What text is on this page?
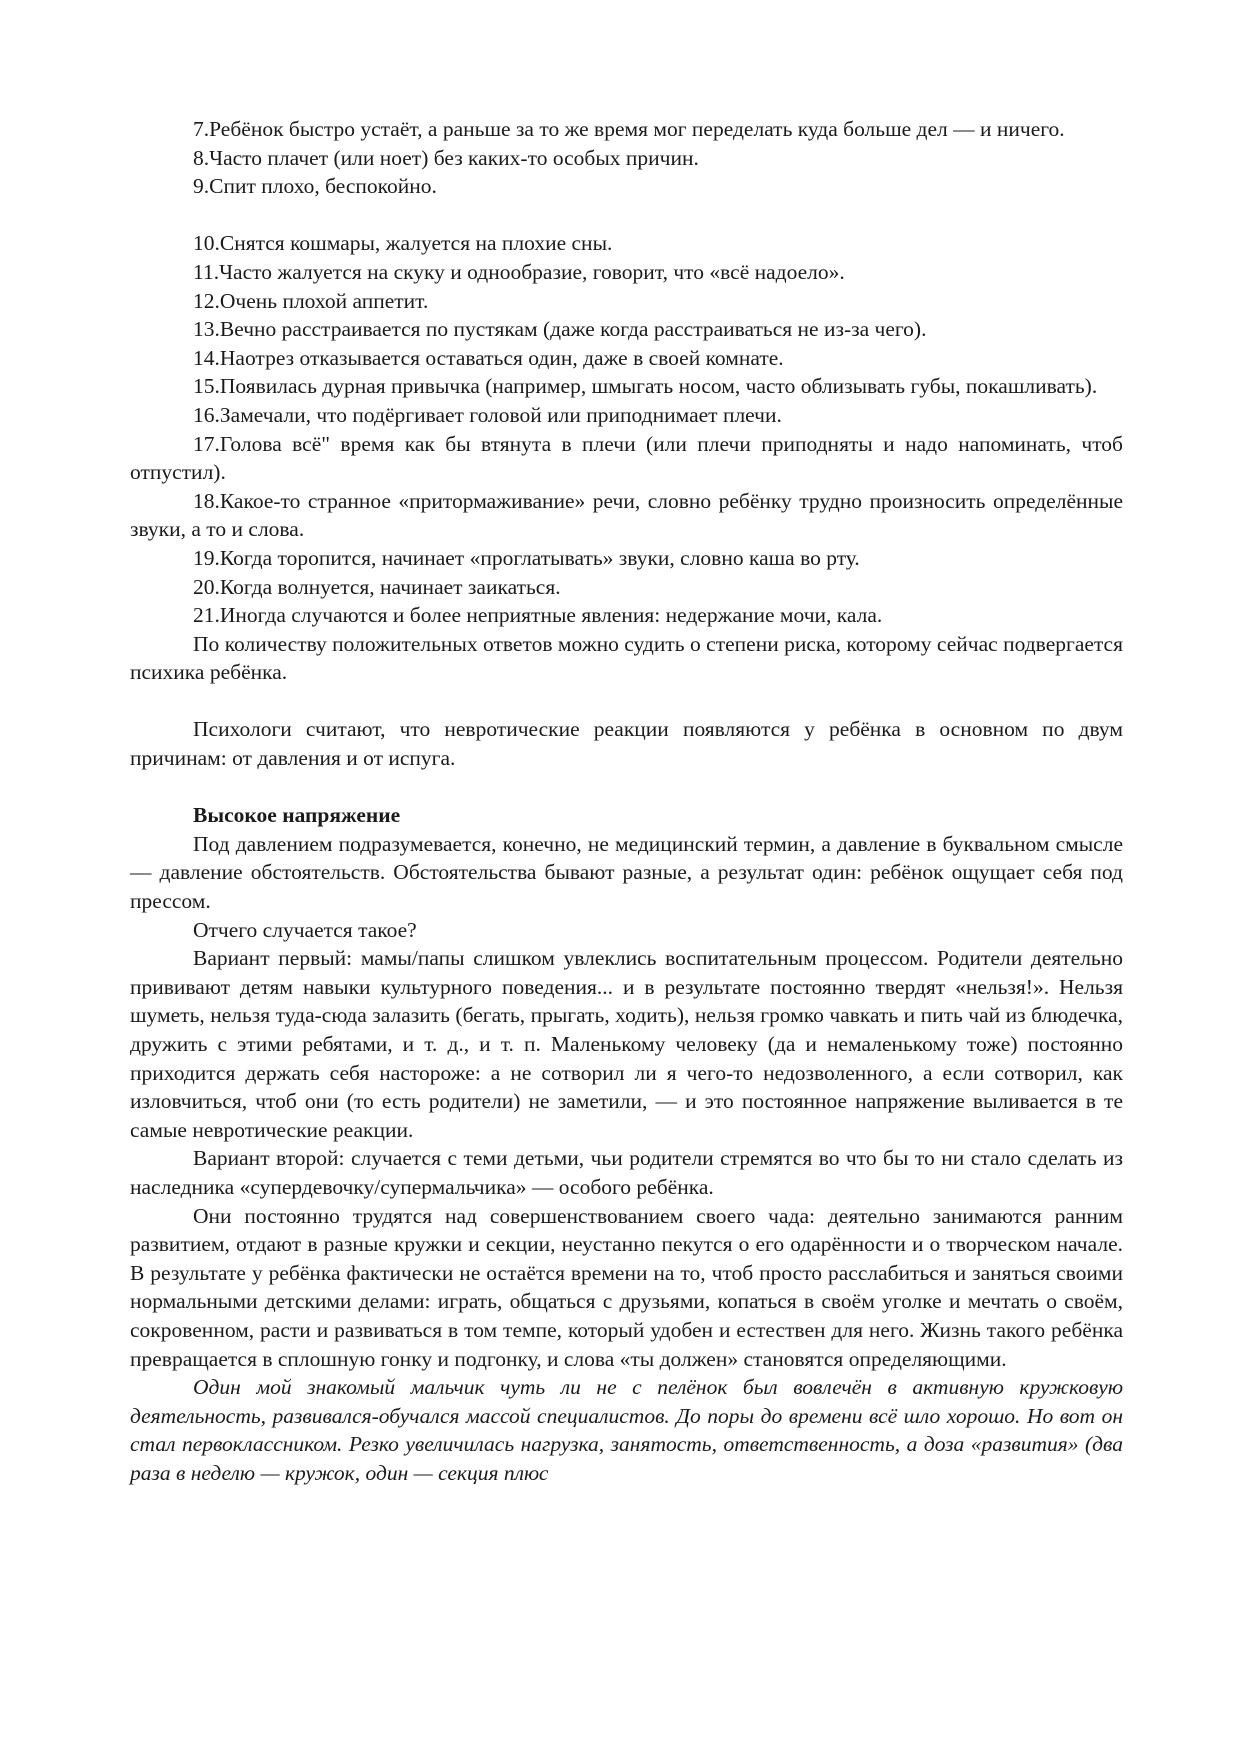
7.Ребёнок быстро устаёт, а раньше за то же время мог переделать куда больше дел — и ничего.

8.Часто плачет (или ноет) без каких-то особых причин.

9.Спит плохо, беспокойно.

10.Снятся кошмары, жалуется на плохие сны.

11.Часто жалуется на скуку и однообразие, говорит, что «всё надоело».

12.Очень плохой аппетит.

13.Вечно расстраивается по пустякам (даже когда расстраиваться не из-за чего).

14.Наотрез отказывается оставаться один, даже в своей комнате.

15.Появилась дурная привычка (например, шмыгать носом, часто облизывать губы, покашливать).

16.Замечали, что подёргивает головой или приподнимает плечи.

17.Голова всё" время как бы втянута в плечи (или плечи приподняты и надо напоминать, чтоб отпустил).

18.Какое-то странное «притормаживание» речи, словно ребёнку трудно произносить определённые звуки, а то и слова.

19.Когда торопится, начинает «проглатывать» звуки, словно каша во рту.

20.Когда волнуется, начинает заикаться.

21.Иногда случаются и более неприятные явления: недержание мочи, кала.

По количеству положительных ответов можно судить о степени риска, которому сейчас подвергается психика ребёнка.

Психологи считают, что невротические реакции появляются у ребёнка в основном по двум причинам: от давления и от испуга.

Высокое напряжение

Под давлением подразумевается, конечно, не медицинский термин, а давление в буквальном смысле — давление обстоятельств. Обстоятельства бывают разные, а результат один: ребёнок ощущает себя под прессом.

Отчего случается такое?

Вариант первый: мамы/папы слишком увлеклись воспитательным процессом. Родители деятельно прививают детям навыки культурного поведения... и в результате постоянно твердят «нельзя!». Нельзя шуметь, нельзя туда-сюда залазить (бегать, прыгать, ходить), нельзя громко чавкать и пить чай из блюдечка, дружить с этими ребятами, и т. д., и т. п. Маленькому человеку (да и немаленькому тоже) постоянно приходится держать себя настороже: а не сотворил ли я чего-то недозволенного, а если сотворил, как изловчиться, чтоб они (то есть родители) не заметили, — и это постоянное напряжение выливается в те самые невротические реакции.

Вариант второй: случается с теми детьми, чьи родители стремятся во что бы то ни стало сделать из наследника «супердевочку/супермальчика» — особого ребёнка.

Они постоянно трудятся над совершенствованием своего чада: деятельно занимаются ранним развитием, отдают в разные кружки и секции, неустанно пекутся о его одарённости и о творческом начале. В результате у ребёнка фактически не остаётся времени на то, чтоб просто расслабиться и заняться своими нормальными детскими делами: играть, общаться с друзьями, копаться в своём уголке и мечтать о своём, сокровенном, расти и развиваться в том темпе, который удобен и естествен для него. Жизнь такого ребёнка превращается в сплошную гонку и подгонку, и слова «ты должен» становятся определяющими.

Один мой знакомый мальчик чуть ли не с пелёнок был вовлечён в активную кружковую деятельность, развивался-обучался массой специалистов. До поры до времени всё шло хорошо. Но вот он стал первоклассником. Резко увеличилась нагрузка, занятость, ответственность, а доза «развития» (два раза в неделю — кружок, один — секция плюс
